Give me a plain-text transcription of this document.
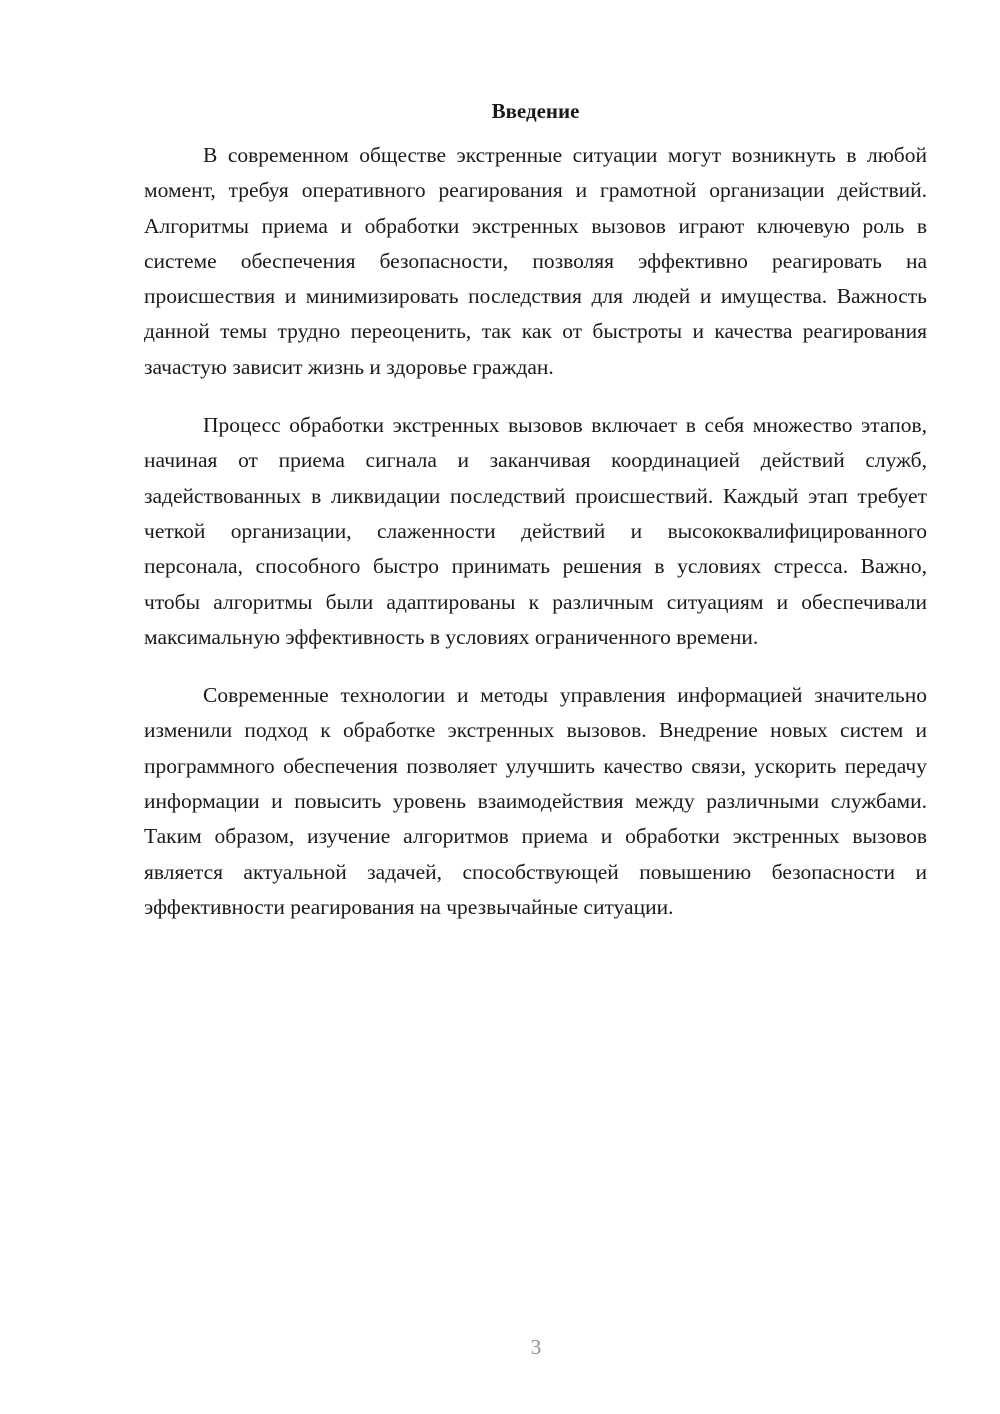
Введение

В современном обществе экстренные ситуации могут возникнуть в любой момент, требуя оперативного реагирования и грамотной организации действий. Алгоритмы приема и обработки экстренных вызовов играют ключевую роль в системе обеспечения безопасности, позволяя эффективно реагировать на происшествия и минимизировать последствия для людей и имущества. Важность данной темы трудно переоценить, так как от быстроты и качества реагирования зачастую зависит жизнь и здоровье граждан.

Процесс обработки экстренных вызовов включает в себя множество этапов, начиная от приема сигнала и заканчивая координацией действий служб, задействованных в ликвидации последствий происшествий. Каждый этап требует четкой организации, слаженности действий и высококвалифицированного персонала, способного быстро принимать решения в условиях стресса. Важно, чтобы алгоритмы были адаптированы к различным ситуациям и обеспечивали максимальную эффективность в условиях ограниченного времени.

Современные технологии и методы управления информацией значительно изменили подход к обработке экстренных вызовов. Внедрение новых систем и программного обеспечения позволяет улучшить качество связи, ускорить передачу информации и повысить уровень взаимодействия между различными службами. Таким образом, изучение алгоритмов приема и обработки экстренных вызовов является актуальной задачей, способствующей повышению безопасности и эффективности реагирования на чрезвычайные ситуации.

3
